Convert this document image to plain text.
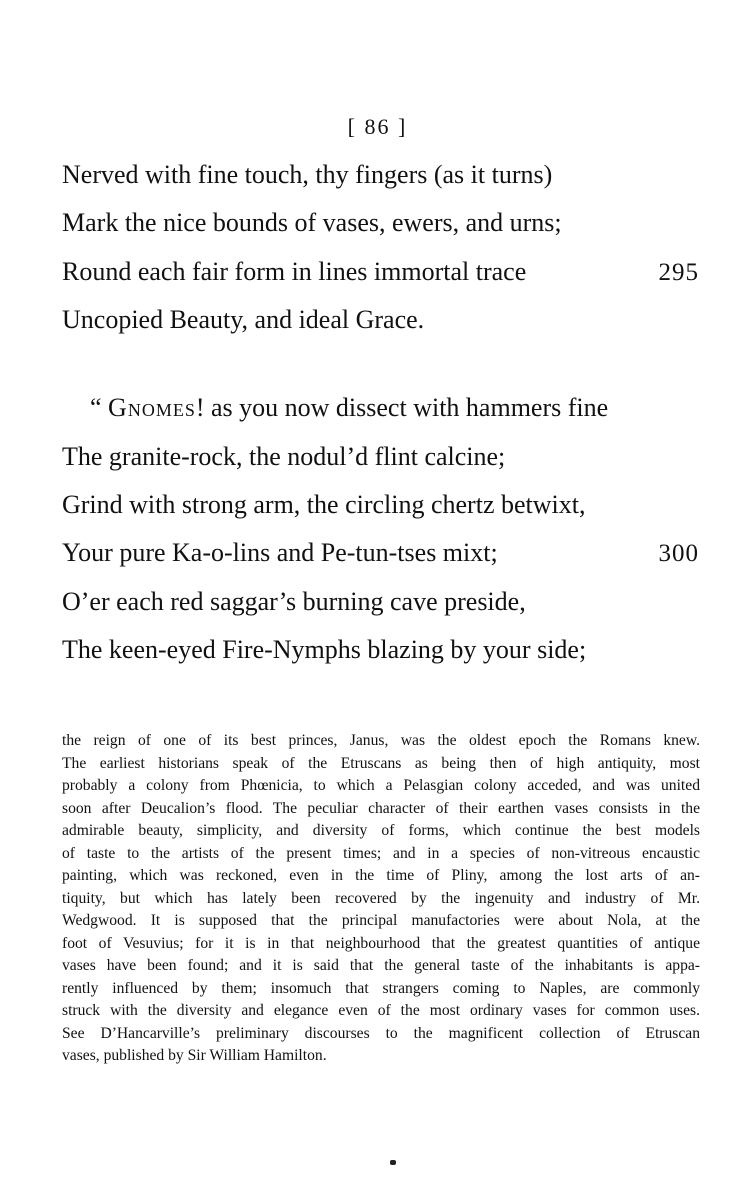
[ 86 ]
Nerved with fine touch, thy fingers (as it turns)
Mark the nice bounds of vases, ewers, and urns;
Round each fair form in lines immortal trace	295
Uncopied Beauty, and ideal Grace.
“ Gnomes! as you now dissect with hammers fine
The granite-rock, the nodul’d flint calcine;
Grind with strong arm, the circling chertz betwixt,
Your pure Ka-o-lins and Pe-tun-tses mixt;	300
O’er each red saggar’s burning cave preside,
The keen-eyed Fire-Nymphs blazing by your side;
the reign of one of its best princes, Janus, was the oldest epoch the Romans knew.
The earliest historians speak of the Etruscans as being then of high antiquity, most
probably a colony from Phœnicia, to which a Pelasgian colony acceded, and was united
soon after Deucalion’s flood. The peculiar character of their earthen vases consists in the
admirable beauty, simplicity, and diversity of forms, which continue the best models
of taste to the artists of the present times; and in a species of non-vitreous encaustic
painting, which was reckoned, even in the time of Pliny, among the lost arts of an-
tiquity, but which has lately been recovered by the ingenuity and industry of Mr.
Wedgwood. It is supposed that the principal manufactories were about Nola, at the
foot of Vesuvius; for it is in that neighbourhood that the greatest quantities of antique
vases have been found; and it is said that the general taste of the inhabitants is appa-
rently influenced by them; insomuch that strangers coming to Naples, are commonly
struck with the diversity and elegance even of the most ordinary vases for common uses.
See D’Hancarville’s preliminary discourses to the magnificent collection of Etruscan
vases, published by Sir William Hamilton.
